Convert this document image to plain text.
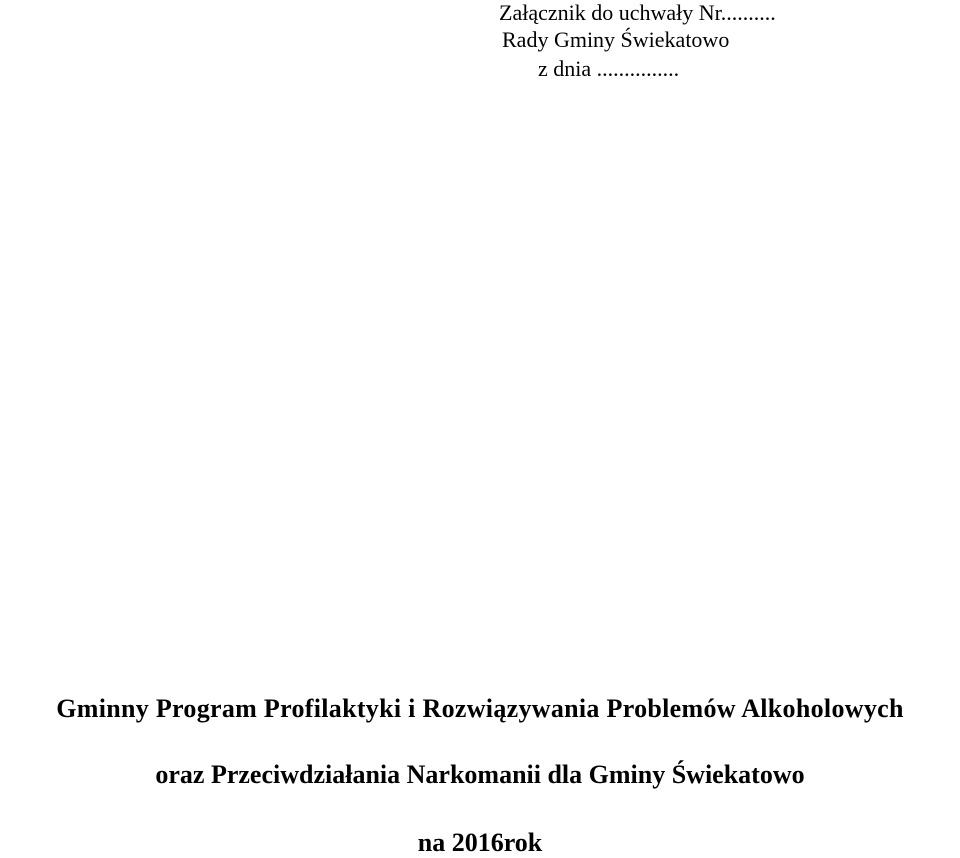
Załącznik do uchwały Nr..........
Rady Gminy Świekatowo
z dnia ...............
Gminny Program Profilaktyki i Rozwiązywania Problemów Alkoholowych
oraz Przeciwdziałania Narkomanii dla Gminy Świekatowo
na 2016rok
